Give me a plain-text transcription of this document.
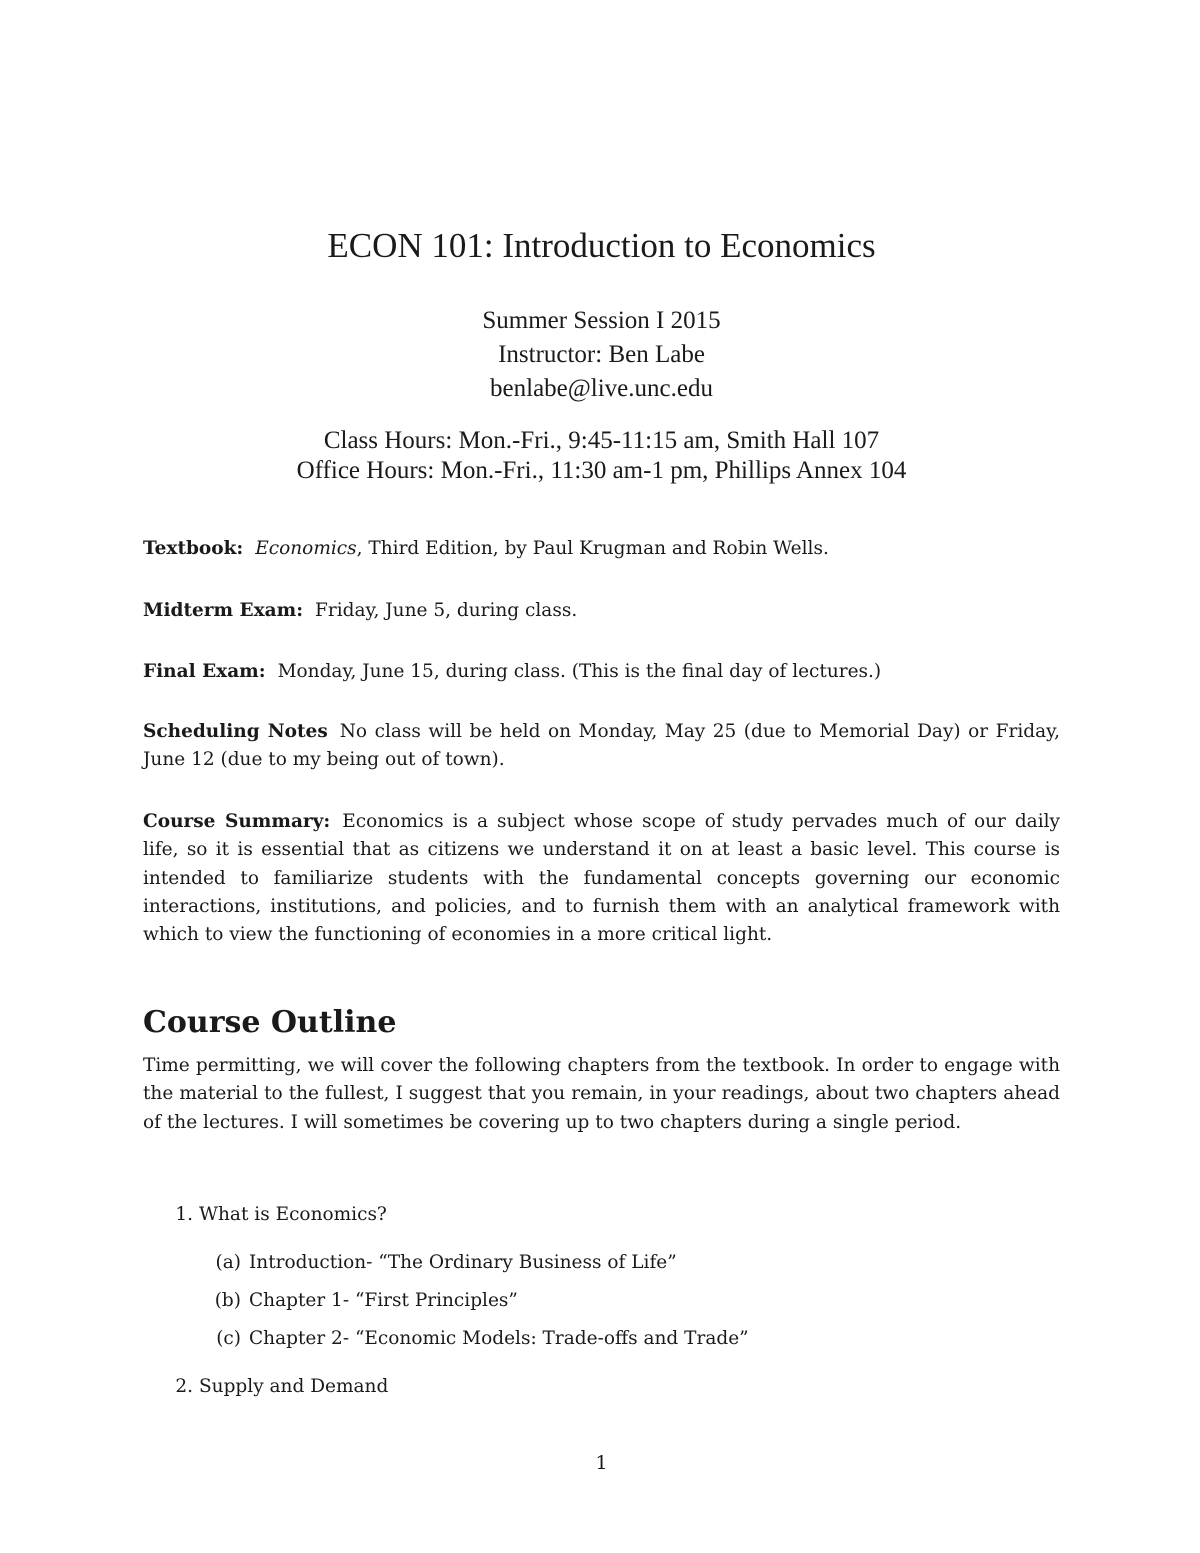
ECON 101: Introduction to Economics
Summer Session I 2015
Instructor: Ben Labe
benlabe@live.unc.edu
Class Hours: Mon.-Fri., 9:45-11:15 am, Smith Hall 107
Office Hours: Mon.-Fri., 11:30 am-1 pm, Phillips Annex 104

Textbook: Economics, Third Edition, by Paul Krugman and Robin Wells.

Midterm Exam: Friday, June 5, during class.

Final Exam: Monday, June 15, during class. (This is the final day of lectures.)

Scheduling Notes No class will be held on Monday, May 25 (due to Memorial Day) or Friday, June 12 (due to my being out of town).

Course Summary: Economics is a subject whose scope of study pervades much of our daily life, so it is essential that as citizens we understand it on at least a basic level. This course is intended to familiarize students with the fundamental concepts governing our economic interactions, institutions, and policies, and to furnish them with an analytical framework with which to view the functioning of economies in a more critical light.

Course Outline

Time permitting, we will cover the following chapters from the textbook. In order to engage with the material to the fullest, I suggest that you remain, in your readings, about two chapters ahead of the lectures. I will sometimes be covering up to two chapters during a single period.

1. What is Economics?
(a) Introduction- “The Ordinary Business of Life”
(b) Chapter 1- “First Principles”
(c) Chapter 2- “Economic Models: Trade-offs and Trade”
2. Supply and Demand
1
